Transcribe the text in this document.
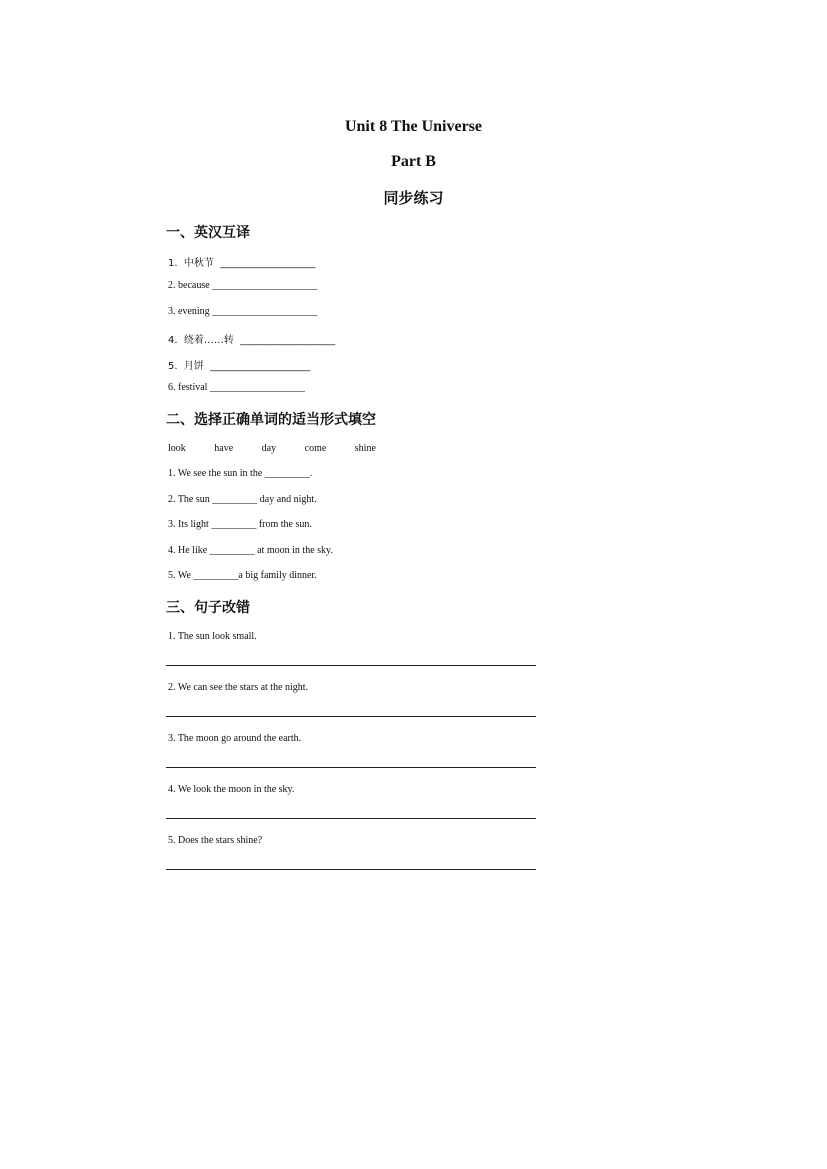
Unit 8 The Universe
Part B
同步练习
一、英汉互译
1.  中秋节  ___________________
2. because _____________________
3. evening _____________________
4.  绕着……转  ___________________
5.  月饼  ____________________
6. festival ___________________
二、选择正确单词的适当形式填空
look	have	day	come	shine
1. We see the sun in the _________.
2. The sun _________ day and night.
3. Its light _________ from the sun.
4. He like _________ at moon in the sky.
5. We _________a big family dinner.
三、句子改错
1. The sun look small.
2. We can see the stars at the night.
3. The moon go around the earth.
4. We look the moon in the sky.
5. Does the stars shine?
